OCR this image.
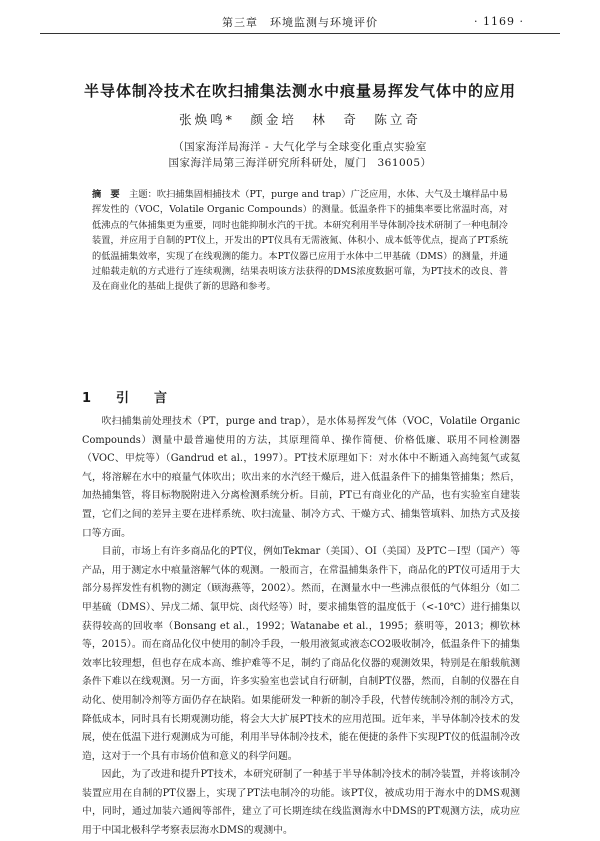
第三章　环境监测与环境评价	· 1169 ·
半导体制冷技术在吹扫捕集法测水中痕量易挥发气体中的应用
张焕鸣*　颜金培　林　奇　陈立奇
（国家海洋局海洋 - 大气化学与全球变化重点实验室
国家海洋局第三海洋研究所科研处，厦门　361005）
摘　要　 主题：吹扫捕集固相捕技术（PT，purge and trap）广泛应用，水体、大气及土壤样品中易挥发性的（VOC，Volatile Organic Compounds）的测量。低温条件下的捕集率要比常温时高，对低沸点的气体捕集更为重要，同时也能抑制水汽的干扰。本研究利用半导体制冷技术研制了一种电制冷装置，并应用于自制的PT仪上，开发出的PT仪具有无需液氮、体积小、成本低等优点，提高了PT系统的低温捕集效率，实现了在线观测的能力。本PT仪器已应用于水体中二甲基硫（DMS）的测量，并通过船载走航的方式进行了连续观测，结果表明该方法获得的DMS浓度数据可靠，为PT技术的改良、普及在商业化的基础上提供了新的思路和参考。
1　引　言

吹扫捕集前处理技术（PT，purge and trap），是水体易挥发气体（VOC，Volatile Organic Compounds）测量中最普遍使用的方法，其原理简单、操作简便、价格低廉、联用不同检测器（VOC、甲烷等）（Gandrud et al.，1997）。PT技术原理如下：对水体中不断通入高纯氮气或氦气，将溶解在水中的痕量气体吹出；吹出来的水汽经干燥后，进入低温条件下的捕集管捕集；然后，加热捕集管，将目标物脱附进入分离检测系统分析。目前，PT已有商业化的产品，也有实验室自建装置，它们之间的差异主要在进样系统、吹扫流量、制冷方式、干燥方式、捕集管填料、加热方式及接口等方面。

目前，市场上有许多商品化的PT仪，例如Tekmar（美国）、OI（美国）及PTC－Ⅰ型（国产）等产品，用于测定水中痕量溶解气体的观测。一般而言，在常温捕集条件下，商品化的PT仪可适用于大部分易挥发性有机物的测定（顾海燕等，2002）。然而，在测量水中一些沸点很低的气体组分（如二甲基硫（DMS）、异戊二烯、氯甲烷、卤代烃等）时，要求捕集管的温度低于（<-10℃）进行捕集以获得较高的回收率（Bonsang et al.，1992；Watanabe et al.，1995；蔡明等，2013；柳钦林等，2015）。而在商品化仪中使用的制冷手段，一般用液氮或液态CO2吸收制冷，低温条件下的捕集效率比较理想，但也存在成本高、维护难等不足，制约了商品化仪器的观测效果，特别是在船载航测条件下难以在线观测。另一方面，许多实验室也尝试自行研制，自制PT仪器，然而，自制的仪器在自动化、使用制冷剂等方面仍存在缺陷。如果能研发一种新的制冷手段，代替传统制冷剂的制冷方式，降低成本，同时具有长期观测功能，将会大大扩展PT技术的应用范围。近年来，半导体制冷技术的发展，使在低温下进行观测成为可能，利用半导体制冷技术，能在便捷的条件下实现PT仪的低温制冷改造，这对于一个具有市场价值和意义的科学问题。

因此，为了改进和提升PT技术，本研究研制了一种基于半导体制冷技术的制冷装置，并将该制冷装置应用在自制的PT仪器上，实现了PT法电制冷的功能。该PT仪，被成功用于海水中的DMS观测中，同时，通过加装六通阀等部件，建立了可长期连续在线监测海水中DMS的PT观测方法，成功应用于中国北极科学考察表层海水DMS的观测中。
